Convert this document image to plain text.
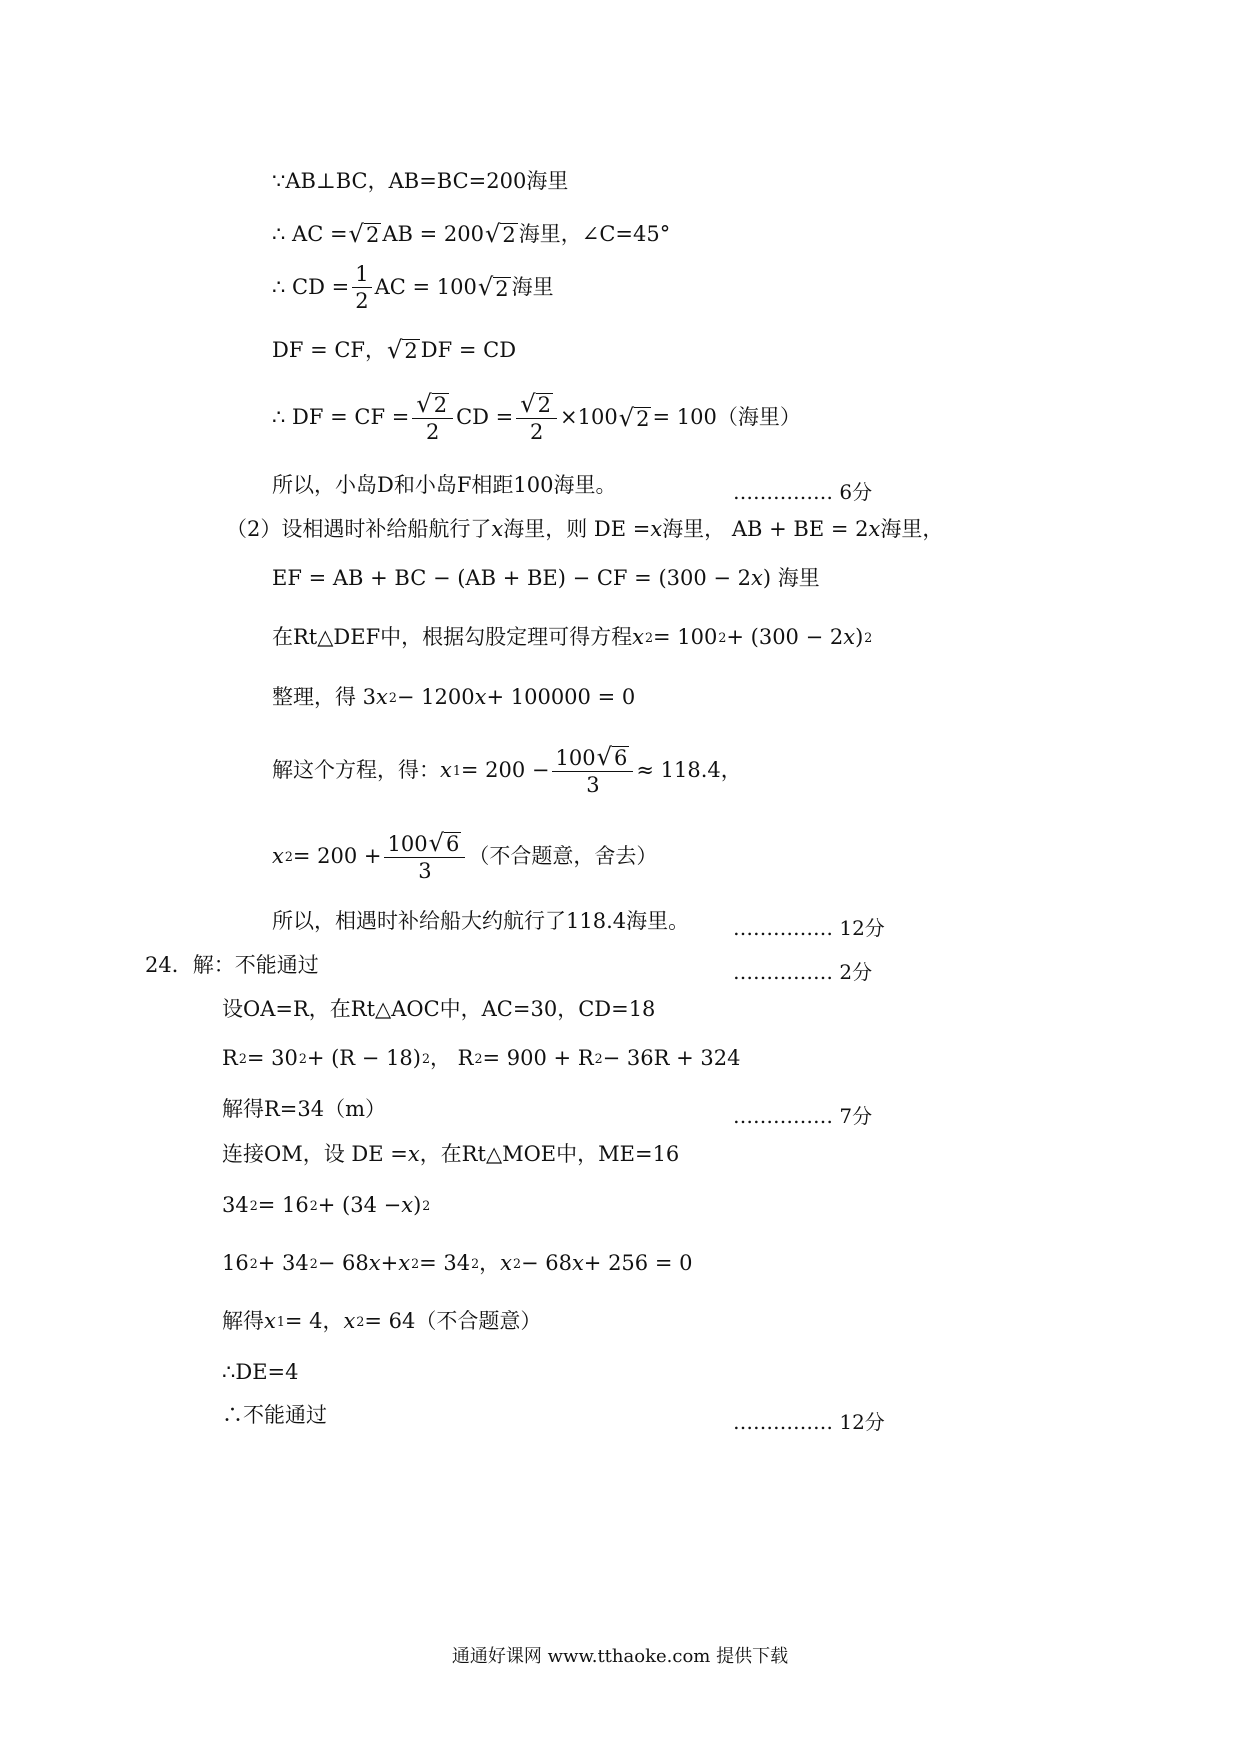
∵AB⊥BC，AB=BC=200海里
∴ AC = √ 2 AB = 200 √ 2 海里，∠C=45°
∴ CD = $\frac{1}{2}$ AC = 100 √ 2 海里
DF = CF， √ 2 DF = CD
∴ DF = CF = $\frac{√ 2}{2}$ CD = $\frac{√ 2}{2} \times 100$ √ 2 = 100（海里）
所以，小岛D和小岛F相距100海里。	…………… 6分
（2）设相遇时补给船航行了 x 海里，则 DE = x 海里， AB + BE = 2 x 海里，
EF = AB + BC − (AB + BE) − CF = (300 − 2 x ) 海里
在Rt△DEF中，根据勾股定理可得方程 x 2 = 100 2 + (300 − 2 x ) 2
整理，得 3 x 2 − 1200 x + 100000 = 0
解这个方程，得： x $1 = 200 - \frac{100 √ 6}{3} \approx 118.4$，
x $2 = 200 + \frac{100 √ 6}{3}$ （不合题意，舍去）
所以，相遇时补给船大约航行了118.4海里。 …………… 12分
24．解：不能通过	…………… 2分
设OA=R，在Rt△AOC中，AC=30，CD=18
R 2 = 30 2 + (R − 18) 2 ， R 2 = 900 + R 2 − 36R + 324
解得R=34（m）	…………… 7分
连接OM，设 DE = x ，在Rt△MOE中，ME=16
34 2 = 16 2 + (34 − x ) 2
16 2 + 34 2 − 68 x + x 2 = 34 2 ， x 2 − 68 x + 256 = 0
解得 x 1 = 4， x 2 = 64（不合题意）
∴DE=4
∴不能通过	…………… 12分
通通好课网 www.tthaoke.com 提供下载
